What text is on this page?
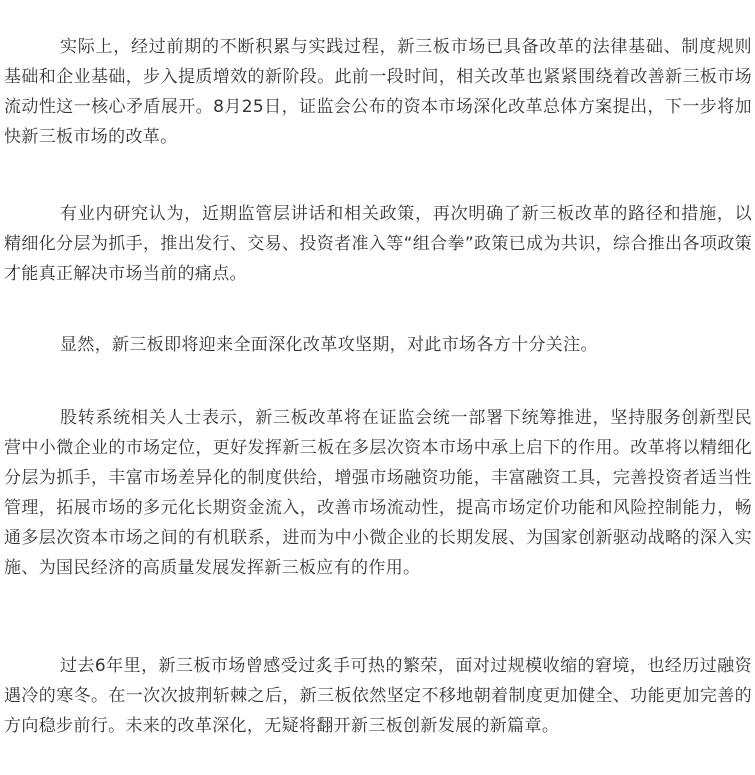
实际上，经过前期的不断积累与实践过程，新三板市场已具备改革的法律基础、制度规则基础和企业基础，步入提质增效的新阶段。此前一段时间，相关改革也紧紧围绕着改善新三板市场流动性这一核心矛盾展开。8月25日，证监会公布的资本市场深化改革总体方案提出，下一步将加快新三板市场的改革。

有业内研究认为，近期监管层讲话和相关政策，再次明确了新三板改革的路径和措施，以精细化分层为抓手，推出发行、交易、投资者准入等“组合拳”政策已成为共识，综合推出各项政策才能真正解决市场当前的痛点。

显然，新三板即将迎来全面深化改革攻坚期，对此市场各方十分关注。

股转系统相关人士表示，新三板改革将在证监会统一部署下统筹推进，坚持服务创新型民营中小微企业的市场定位，更好发挥新三板在多层次资本市场中承上启下的作用。改革将以精细化分层为抓手，丰富市场差异化的制度供给，增强市场融资功能，丰富融资工具，完善投资者适当性管理，拓展市场的多元化长期资金流入，改善市场流动性，提高市场定价功能和风险控制能力，畅通多层次资本市场之间的有机联系，进而为中小微企业的长期发展、为国家创新驱动战略的深入实施、为国民经济的高质量发展发挥新三板应有的作用。

过去6年里，新三板市场曾感受过炙手可热的繁荣，面对过规模收缩的窘境，也经历过融资遇冷的寒冬。在一次次披荆斩棘之后，新三板依然坚定不移地朝着制度更加健全、功能更加完善的方向稳步前行。未来的改革深化，无疑将翻开新三板创新发展的新篇章。
